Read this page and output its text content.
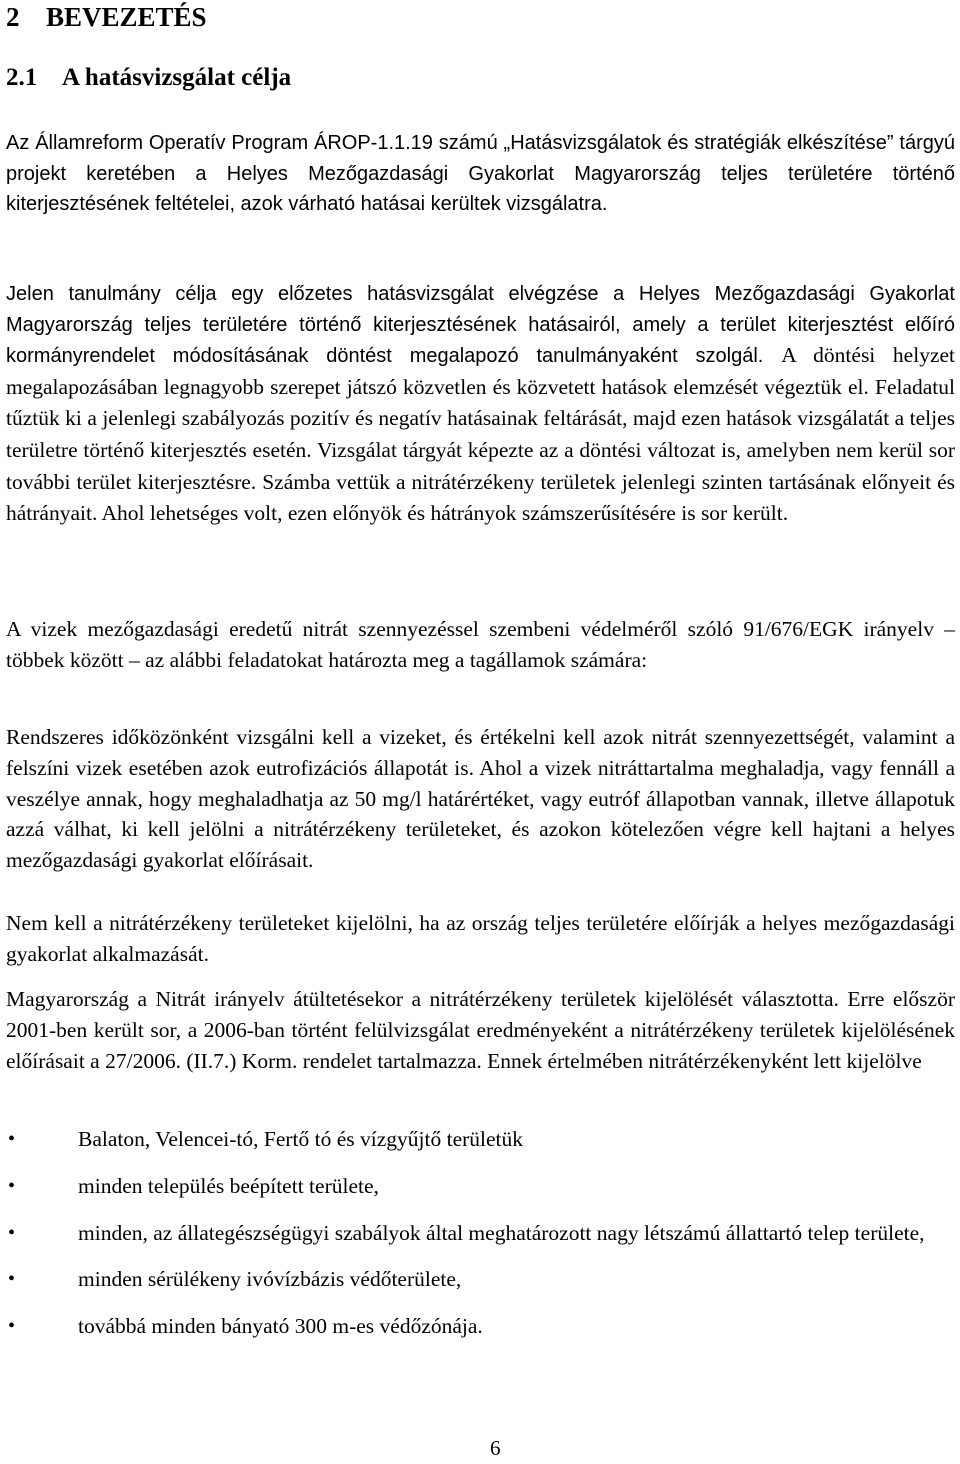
2 BEVEZETÉS
2.1 A hatásvizsgálat célja

Az Államreform Operatív Program ÁROP-1.1.19 számú „Hatásvizsgálatok és stratégiák elkészítése” tárgyú projekt keretében a Helyes Mezőgazdasági Gyakorlat Magyarország teljes területére történő kiterjesztésének feltételei, azok várható hatásai kerültek vizsgálatra.

Jelen tanulmány célja egy előzetes hatásvizsgálat elvégzése a Helyes Mezőgazdasági Gyakorlat Magyarország teljes területére történő kiterjesztésének hatásairól, amely a terület kiterjesztést előíró kormányrendelet módosításának döntést megalapozó tanulmányaként szolgál. A döntési helyzet megalapozásában legnagyobb szerepet játszó közvetlen és közvetett hatások elemzését végeztük el. Feladatul tűztük ki a jelenlegi szabályozás pozitív és negatív hatásainak feltárását, majd ezen hatások vizsgálatát a teljes területre történő kiterjesztés esetén. Vizsgálat tárgyát képezte az a döntési változat is, amelyben nem kerül sor további terület kiterjesztésre. Számba vettük a nitrátérzékeny területek jelenlegi szinten tartásának előnyeit és hátrányait. Ahol lehetséges volt, ezen előnyök és hátrányok számszerűsítésére is sor került.

A vizek mezőgazdasági eredetű nitrát szennyezéssel szembeni védelméről szóló 91/676/EGK irányelv – többek között – az alábbi feladatokat határozta meg a tagállamok számára:

Rendszeres időközönként vizsgálni kell a vizeket, és értékelni kell azok nitrát szennyezettségét, valamint a felszíni vizek esetében azok eutrofizációs állapotát is. Ahol a vizek nitráttartalma meghaladja, vagy fennáll a veszélye annak, hogy meghaladhatja az 50 mg/l határértéket, vagy eutróf állapotban vannak, illetve állapotuk azzá válhat, ki kell jelölni a nitrátérzékeny területeket, és azokon kötelezően végre kell hajtani a helyes mezőgazdasági gyakorlat előírásait.

Nem kell a nitrátérzékeny területeket kijelölni, ha az ország teljes területére előírják a helyes mezőgazdasági gyakorlat alkalmazását.

Magyarország a Nitrát irányelv átültetésekor a nitrátérzékeny területek kijelölését választotta. Erre először 2001-ben került sor, a 2006-ban történt felülvizsgálat eredményeként a nitrátérzékeny területek kijelölésének előírásait a 27/2006. (II.7.) Korm. rendelet tartalmazza. Ennek értelmében nitrátérzékenyként lett kijelölve

•	Balaton, Velencei-tó, Fertő tó és vízgyűjtő területük
•	minden település beépített területe,
•	minden, az állategészségügyi szabályok által meghatározott nagy létszámú állattartó telep területe,
•	minden sérülékeny ivóvízbázis védőterülete,
•	továbbá minden bányató 300 m-es védőzónája.
6
